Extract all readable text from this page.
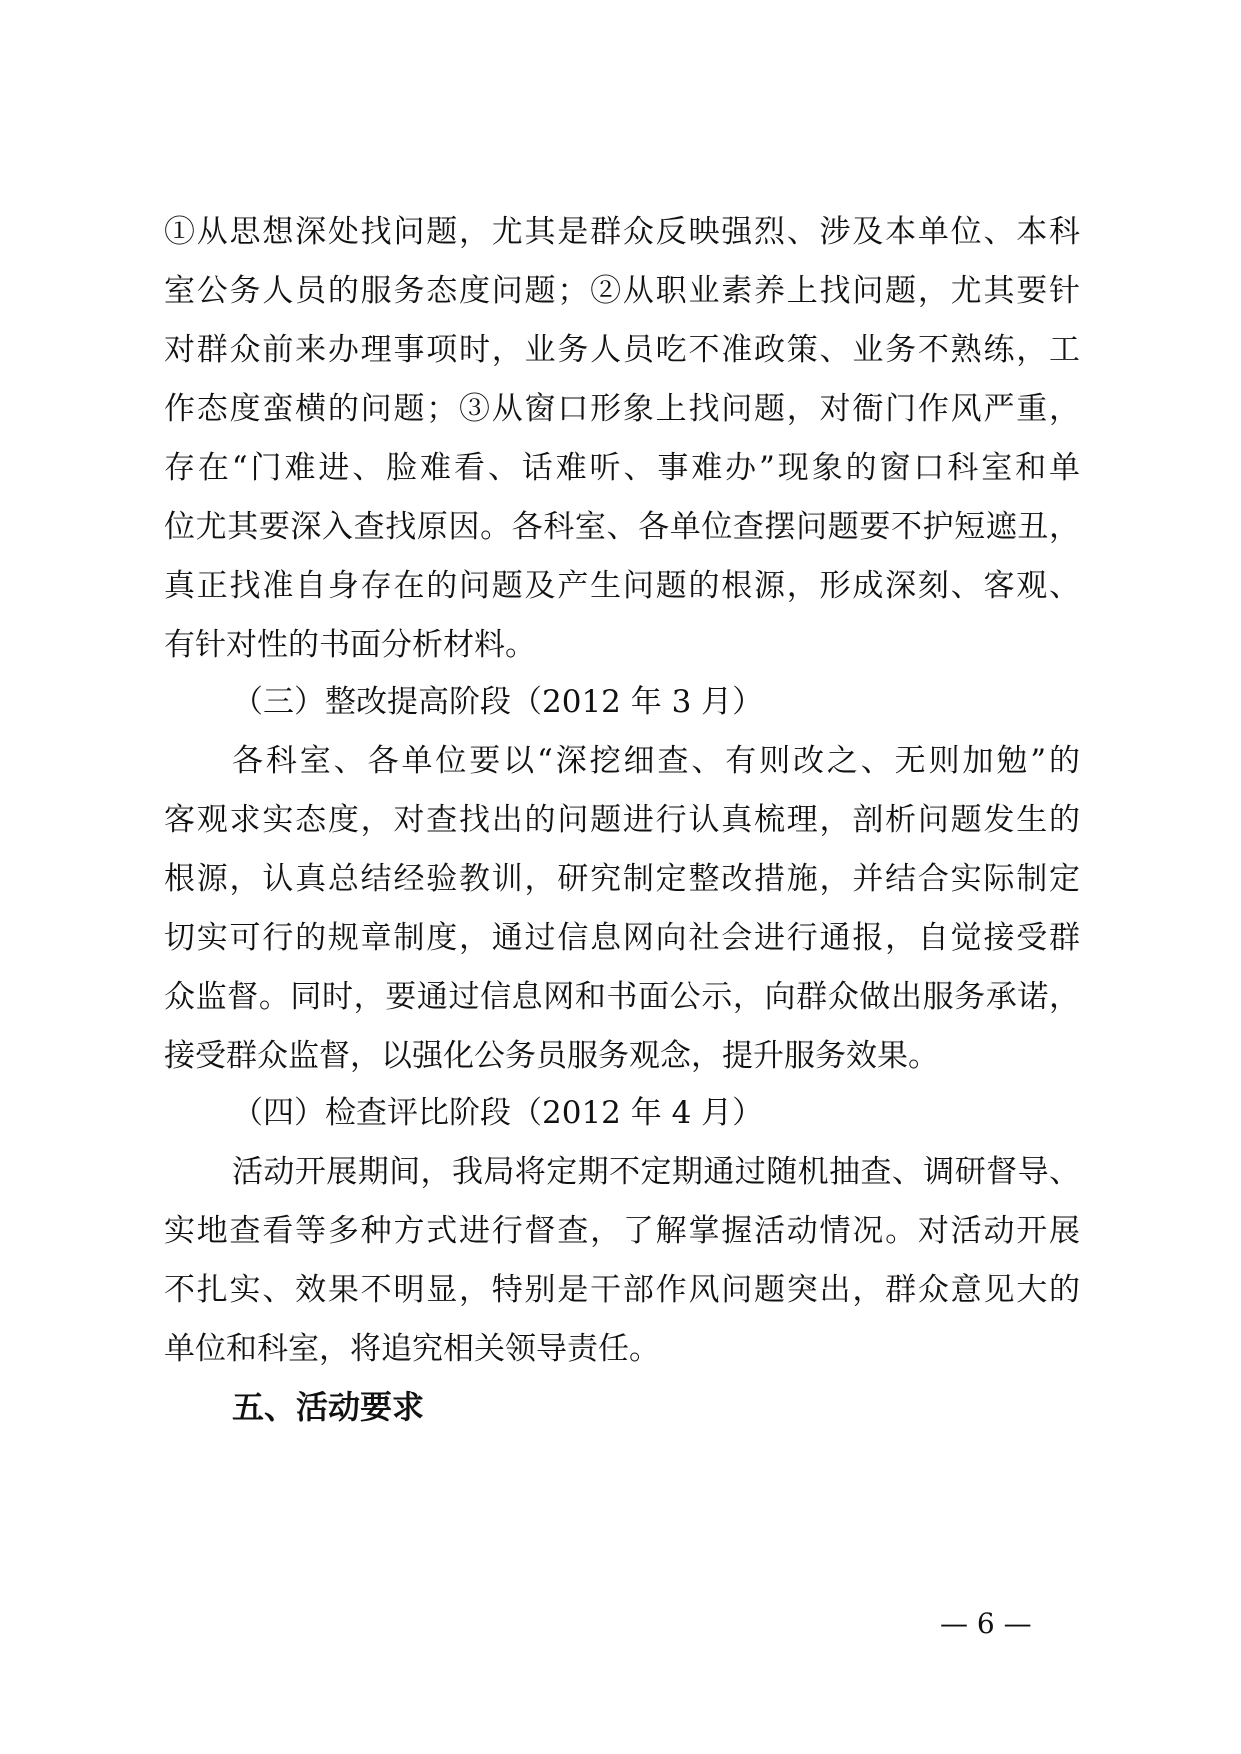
①从思想深处找问题，尤其是群众反映强烈、涉及本单位、本科
室公务人员的服务态度问题；②从职业素养上找问题，尤其要针
对群众前来办理事项时，业务人员吃不准政策、业务不熟练，工
作态度蛮横的问题；③从窗口形象上找问题，对衙门作风严重，
存在“门难进、脸难看、话难听、事难办”现象的窗口科室和单
位尤其要深入查找原因。各科室、各单位查摆问题要不护短遮丑，
真正找准自身存在的问题及产生问题的根源，形成深刻、客观、
有针对性的书面分析材料。
（三）整改提高阶段（2012 年 3 月）
各科室、各单位要以“深挖细查、有则改之、无则加勉”的
客观求实态度，对查找出的问题进行认真梳理，剖析问题发生的
根源，认真总结经验教训，研究制定整改措施，并结合实际制定
切实可行的规章制度，通过信息网向社会进行通报，自觉接受群
众监督。同时，要通过信息网和书面公示，向群众做出服务承诺，
接受群众监督，以强化公务员服务观念，提升服务效果。
（四）检查评比阶段（2012 年 4 月）
活动开展期间，我局将定期不定期通过随机抽查、调研督导、
实地查看等多种方式进行督查，了解掌握活动情况。对活动开展
不扎实、效果不明显，特别是干部作风问题突出，群众意见大的
单位和科室，将追究相关领导责任。
五、活动要求
— 6 —
